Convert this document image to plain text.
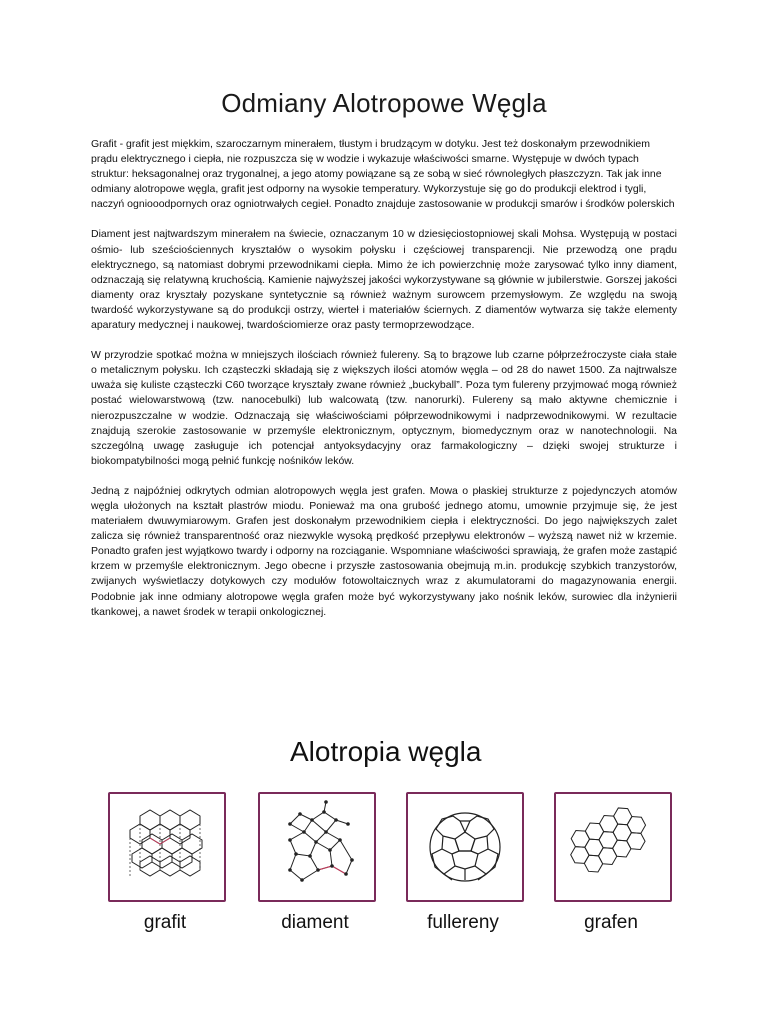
Odmiany Alotropowe Węgla

Grafit - grafit jest miękkim, szaroczarnym minerałem, tłustym i brudzącym w dotyku. Jest też doskonałym przewodnikiem prądu elektrycznego i ciepła, nie rozpuszcza się w wodzie i wykazuje właściwości smarne. Występuje w dwóch typach struktur: heksagonalnej oraz trygonalnej, a jego atomy powiązane są ze sobą w sieć równoległych płaszczyzn. Tak jak inne odmiany alotropowe węgla, grafit jest odporny na wysokie temperatury. Wykorzystuje się go do produkcji elektrod i tygli, naczyń ogniooodpornych oraz ogniotrwałych cegieł. Ponadto znajduje zastosowanie w produkcji smarów i środków polerskich

Diament jest najtwardszym minerałem na świecie, oznaczanym 10 w dziesięciostopniowej skali Mohsa. Występują w postaci ośmio- lub sześciościennych kryształów o wysokim połysku i częściowej transparencji. Nie przewodzą one prądu elektrycznego, są natomiast dobrymi przewodnikami ciepła. Mimo że ich powierzchnię może zarysować tylko inny diament, odznaczają się relatywną kruchością. Kamienie najwyższej jakości wykorzystywane są głównie w jubilerstwie. Gorszej jakości diamenty oraz kryształy pozyskane syntetycznie są również ważnym surowcem przemysłowym. Ze względu na swoją twardość wykorzystywane są do produkcji ostrzy, wierteł i materiałów ściernych. Z diamentów wytwarza się także elementy aparatury medycznej i naukowej, twardościomierze oraz pasty termoprzewodzące.

W przyrodzie spotkać można w mniejszych ilościach również fulereny. Są to brązowe lub czarne półprzeźroczyste ciała stałe o metalicznym połysku. Ich cząsteczki składają się z większych ilości atomów węgla – od 28 do nawet 1500. Za najtrwalsze uważa się kuliste cząsteczki C60 tworzące kryształy zwane również „buckyball”. Poza tym fulereny przyjmować mogą również postać wielowarstwową (tzw. nanocebulki) lub walcowatą (tzw. nanorurki). Fulereny są mało aktywne chemicznie i nierozpuszczalne w wodzie. Odznaczają się właściwościami półprzewodnikowymi i nadprzewodnikowymi. W rezultacie znajdują szerokie zastosowanie w przemyśle elektronicznym, optycznym, biomedycznym oraz w nanotechnologii. Na szczególną uwagę zasługuje ich potencjał antyoksydacyjny oraz farmakologiczny – dzięki swojej strukturze i biokompatybilności mogą pełnić funkcję nośników leków.

Jedną z najpóźniej odkrytych odmian alotropowych węgla jest grafen. Mowa o płaskiej strukturze z pojedynczych atomów węgla ułożonych na kształt plastrów miodu. Ponieważ ma ona grubość jednego atomu, umownie przyjmuje się, że jest materiałem dwuwymiarowym. Grafen jest doskonałym przewodnikiem ciepła i elektryczności. Do jego największych zalet zalicza się również transparentność oraz niezwykle wysoką prędkość przepływu elektronów – wyższą nawet niż w krzemie. Ponadto grafen jest wyjątkowo twardy i odporny na rozciąganie. Wspomniane właściwości sprawiają, że grafen może zastąpić krzem w przemyśle elektronicznym. Jego obecne i przyszłe zastosowania obejmują m.in. produkcję szybkich tranzystorów, zwijanych wyświetlaczy dotykowych czy modułów fotowoltaicznych wraz z akumulatorami do magazynowania energii. Podobnie jak inne odmiany alotropowe węgla grafen może być wykorzystywany jako nośnik leków, surowiec dla inżynierii tkankowej, a nawet środek w terapii onkologicznej.

Alotropia węgla
grafit	diament	fullereny	grafen
